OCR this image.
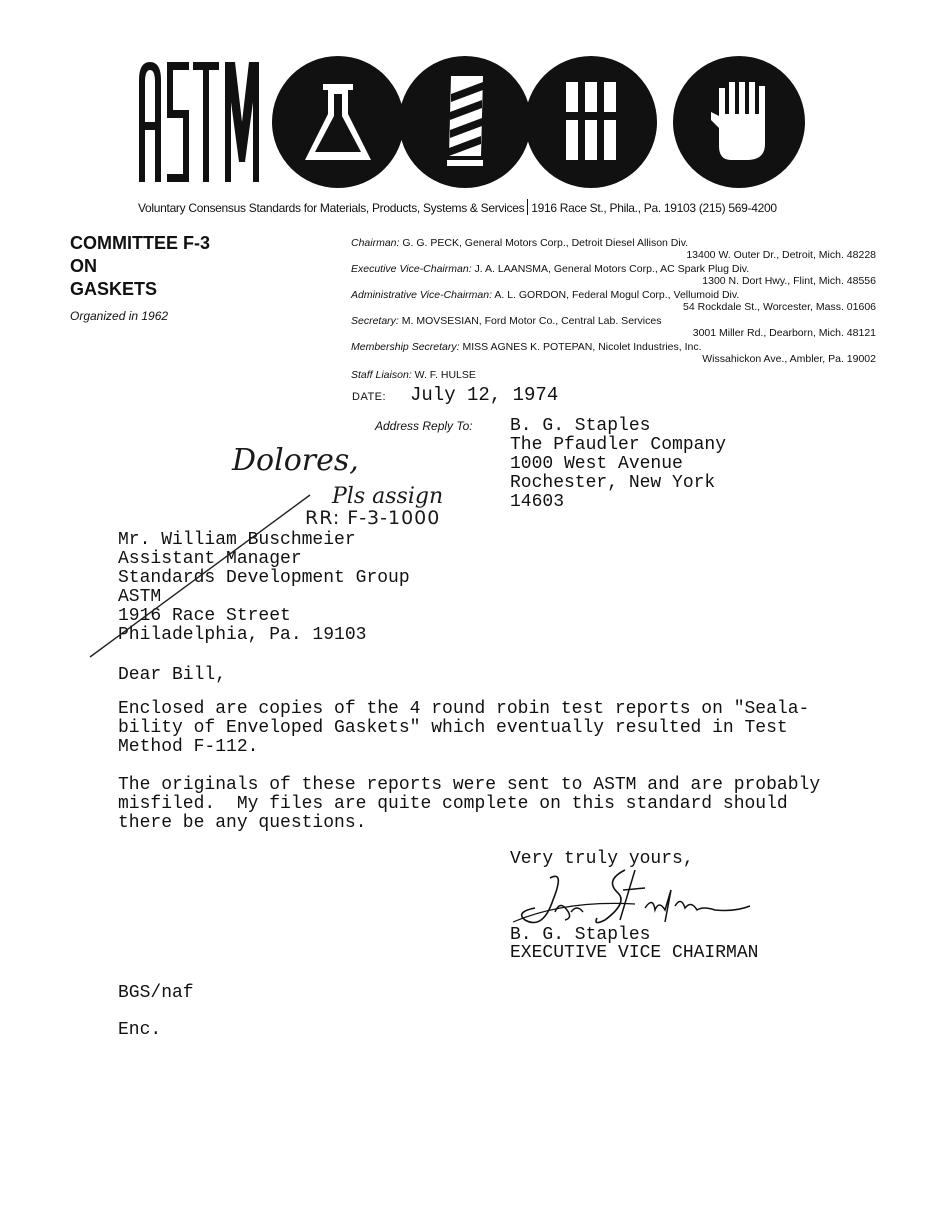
Voluntary Consensus Standards for Materials, Products, Systems & Services 1916 Race St., Phila., Pa. 19103 (215) 569-4200
COMMITTEE F-3
ON
GASKETS
Organized in 1962
Chairman: G. G. PECK, General Motors Corp., Detroit Diesel Allison Div.
13400 W. Outer Dr., Detroit, Mich. 48228
Executive Vice-Chairman: J. A. LAANSMA, General Motors Corp., AC Spark Plug Div.
1300 N. Dort Hwy., Flint, Mich. 48556
Administrative Vice-Chairman: A. L. GORDON, Federal Mogul Corp., Vellumoid Div.
54 Rockdale St., Worcester, Mass. 01606
Secretary: M. MOVSESIAN, Ford Motor Co., Central Lab. Services
3001 Miller Rd., Dearborn, Mich. 48121
Membership Secretary: MISS AGNES K. POTEPAN, Nicolet Industries, Inc.
Wissahickon Ave., Ambler, Pa. 19002
Staff Liaison: W. F. HULSE
DATE: July 12, 1974
Address Reply To: B. G. Staples
The Pfaudler Company
1000 West Avenue
Rochester, New York
14603
Dolores,
Pls assign
RR: F-3-1000
Mr. William Buschmeier
Assistant Manager
Standards Development Group
ASTM
1916 Race Street
Philadelphia, Pa. 19103
Dear Bill,
Enclosed are copies of the 4 round robin test reports on "Seala-
bility of Enveloped Gaskets" which eventually resulted in Test
Method F-112.
The originals of these reports were sent to ASTM and are probably
misfiled.  My files are quite complete on this standard should
there be any questions.
Very truly yours,
B. G. Staples
EXECUTIVE VICE CHAIRMAN
BGS/naf
Enc.
